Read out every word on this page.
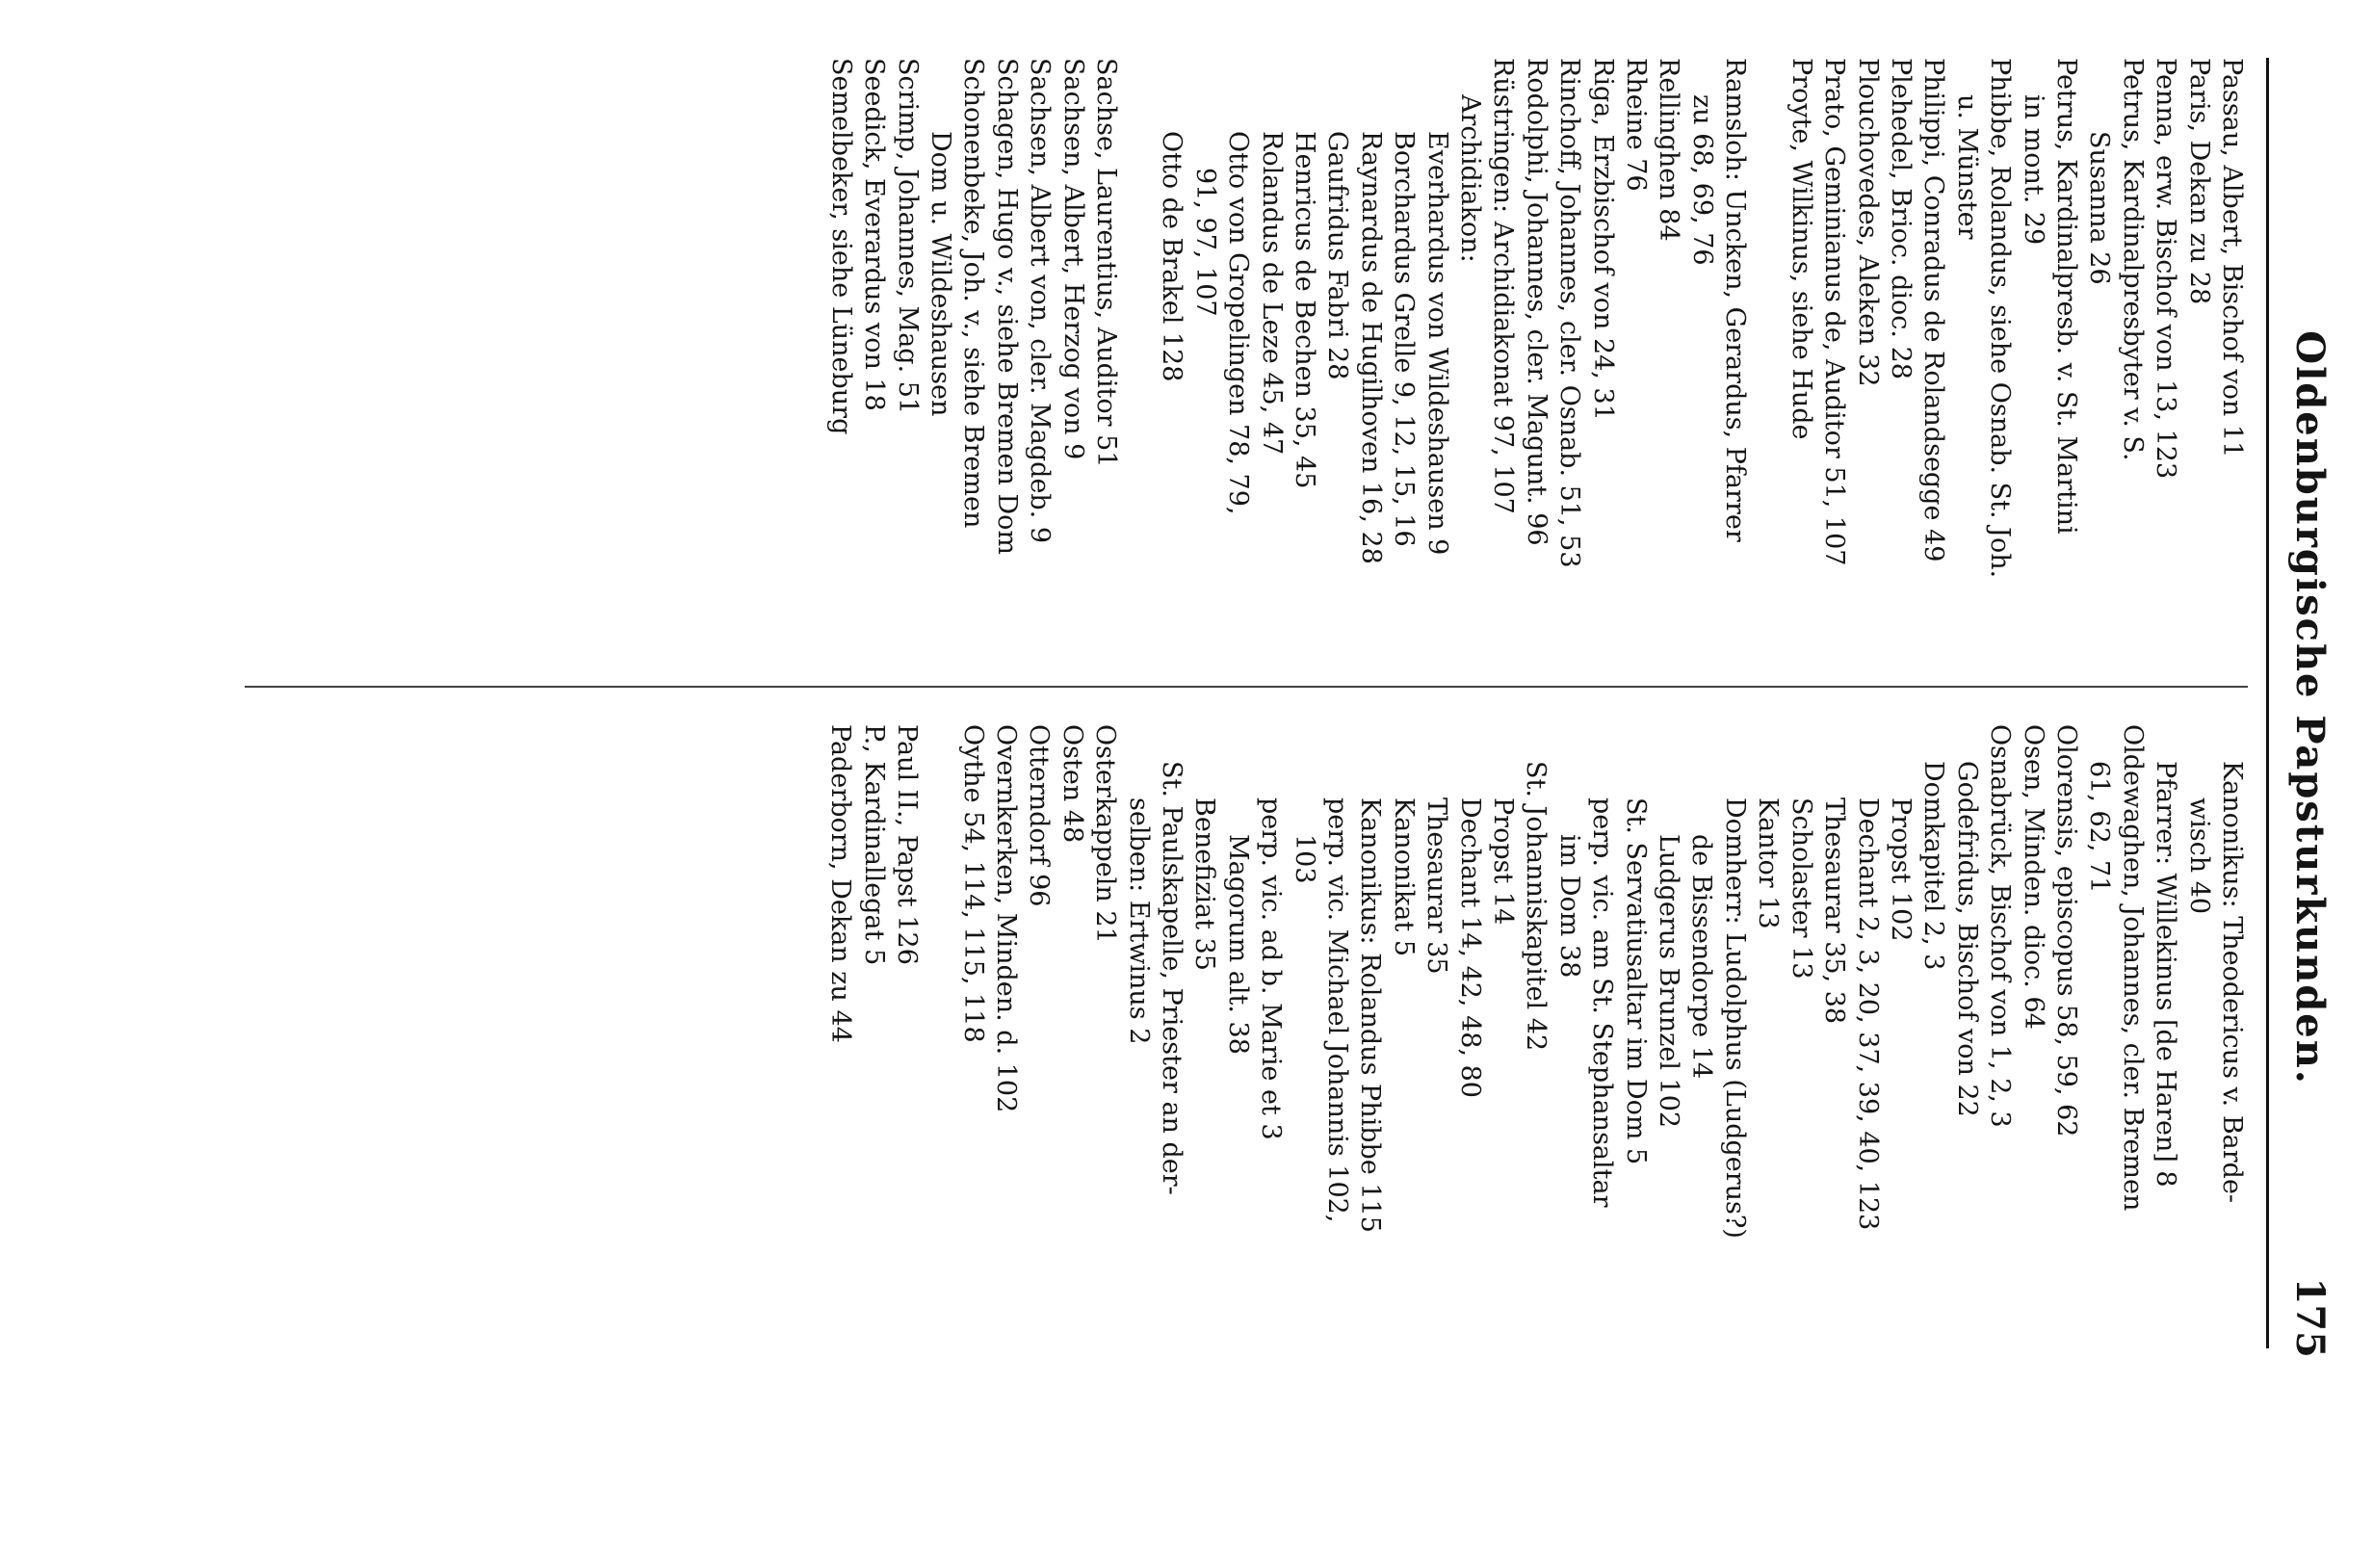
Oldenburgische Papsturkunden.
175

Passau, Albert, Bischof von 11

Paris, Dekan zu 28

Penna, erw. Bischof von 13, 123

Petrus, Kardinalpresbyter v. S.

Susanna 26

Petrus, Kardinalpresb. v. St. Martini

in mont. 29

Phibbe, Rolandus, siehe Osnab. St. Joh.

u. Münster

Philippi, Conradus de Rolandsegge 49

Plehedel, Brioc. dioc. 28

Plouchovedes, Aleken 32

Prato, Geminianus de, Auditor 51, 107

Proyte, Wilkinus, siehe Hude

Ramsloh: Uncken, Gerardus, Pfarrer

zu 68, 69, 76

Rellinghen 84

Rheine 76

Riga, Erzbischof von 24, 31

Rinchoff, Johannes, cler. Osnab. 51, 53

Rodolphi, Johannes, cler. Magunt. 96

Rüstringen: Archidiakonat 97, 107

Archidiakon:

Everhardus von Wildeshausen 9

Borchardus Grelle 9, 12, 15, 16

Raynardus de Hugilhoven 16, 28

Gaufridus Fabri 28

Henricus de Bechen 35, 45

Rolandus de Leze 45, 47

Otto von Gropelingen 78, 79,

91, 97, 107

Otto de Brakel 128

Sachse, Laurentius, Auditor 51

Sachsen, Albert, Herzog von 9

Sachsen, Albert von, cler. Magdeb. 9

Schagen, Hugo v., siehe Bremen Dom

Schonenbeke, Joh. v., siehe Bremen

Dom u. Wildeshausen

Scrimp, Johannes, Mag. 51

Seedick, Everardus von 18

Semelbeker, siehe Lüneburg

Kanonikus: Theodericus v. Barde-

wisch 40

Pfarrer: Willekinus [de Haren] 8

Oldewaghen, Johannes, cler. Bremen

61, 62, 71

Olorensis, episcopus 58, 59, 62

Osen, Minden. dioc. 64

Osnabrück, Bischof von 1, 2, 3

Godefridus, Bischof von 22

Domkapitel 2, 3

Propst 102

Dechant 2, 3, 20, 37, 39, 40, 123

Thesaurar 35, 38

Scholaster 13

Kantor 13

Domherr: Ludolphus (Ludgerus?)

de Bissendorpe 14

Ludgerus Brunzel 102

St. Servatiusaltar im Dom 5

perp. vic. am St. Stephansaltar

im Dom 38

St. Johanniskapitel 42

Propst 14

Dechant 14, 42, 48, 80

Thesaurar 35

Kanonikat 5

Kanonikus: Rolandus Phibbe 115

perp. vic. Michael Johannis 102,

103

perp. vic. ad b. Marie et 3

Magorum alt. 38

Benefiziat 35

St. Paulskapelle, Priester an der-

selben: Ertwinus 2

Osterkappeln 21

Osten 48

Otterndorf 96

Overnkerken, Minden. d. 102

Oythe 54, 114, 115, 118

Paul II., Papst 126

P., Kardinallegat 5

Paderborn, Dekan zu 44
